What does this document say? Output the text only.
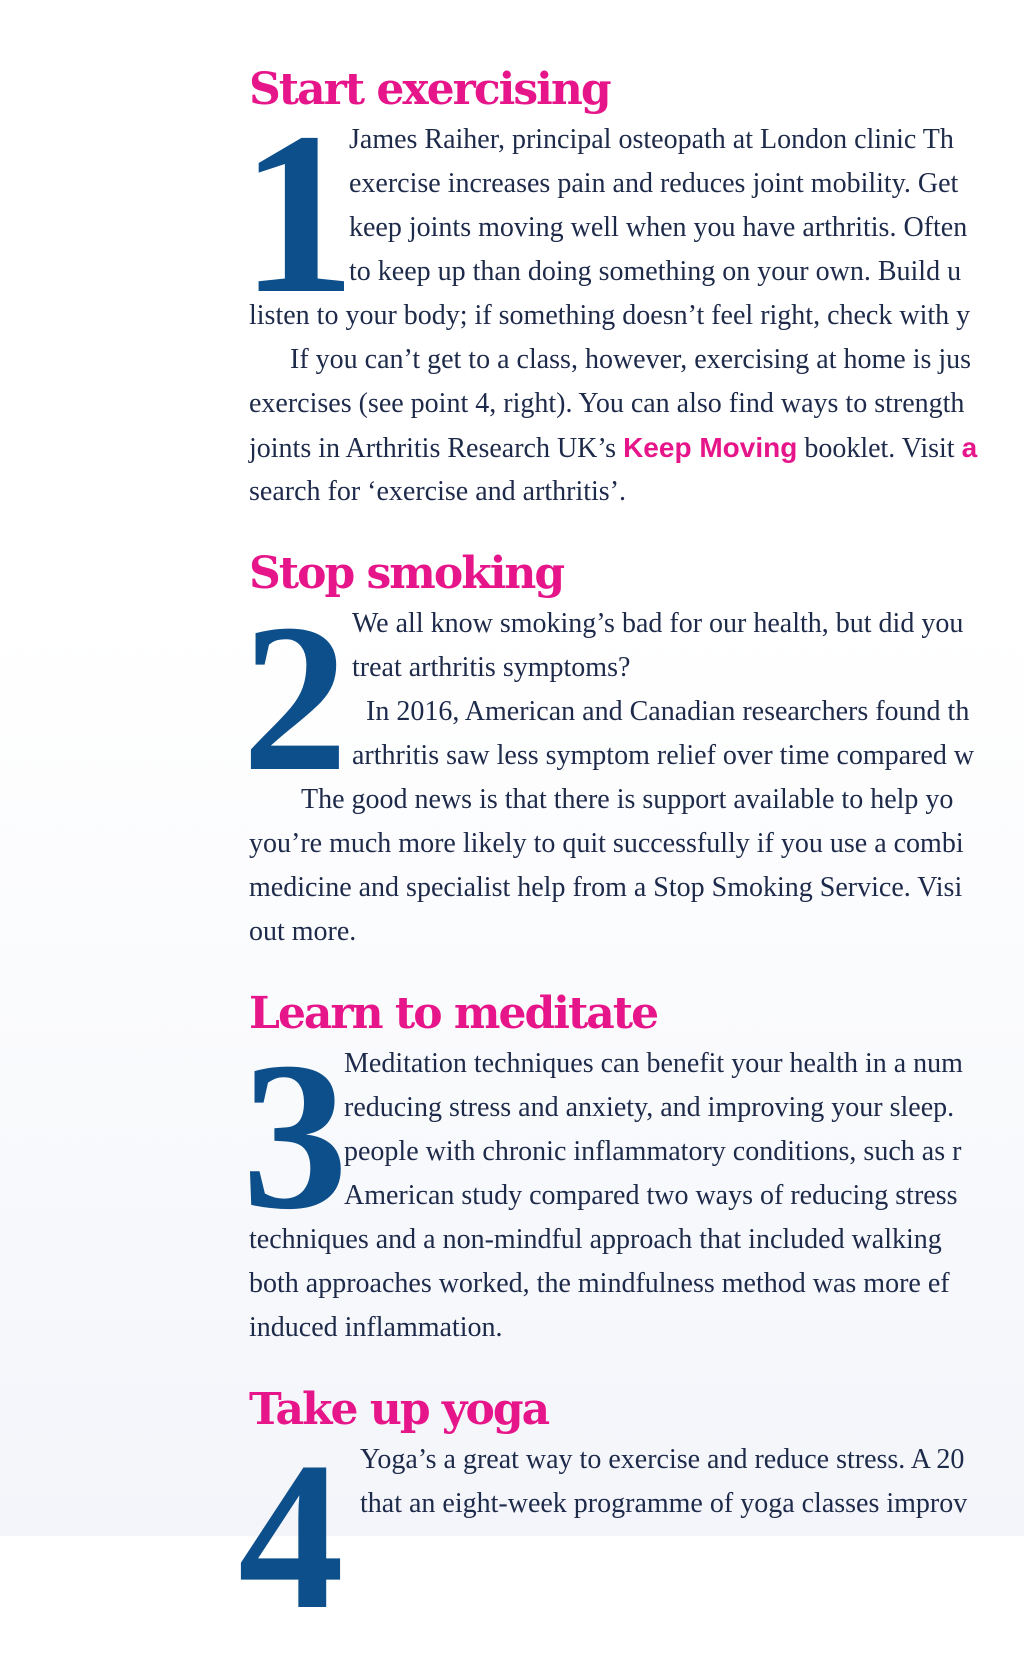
Start exercising
1

James Raiher, principal osteopath at London clinic Th

exercise increases pain and reduces joint mobility. Get

keep joints moving well when you have arthritis. Often

to keep up than doing something on your own. Build u

listen to your body; if something doesn’t feel right, check with y

If you can’t get to a class, however, exercising at home is jus

exercises (see point 4, right). You can also find ways to strength

joints in Arthritis Research UK’s Keep Moving booklet. Visit a

search for ‘exercise and arthritis’.

Stop smoking
2 We all know smoking’s bad for our health, but did you

treat arthritis symptoms?

In 2016, American and Canadian researchers found th

arthritis saw less symptom relief over time compared w

The good news is that there is support available to help yo

you’re much more likely to quit successfully if you use a combi

medicine and specialist help from a Stop Smoking Service. Visi

out more.

Learn to meditate
3

Meditation techniques can benefit your health in a num

reducing stress and anxiety, and improving your sleep.

people with chronic inflammatory conditions, such as r

American study compared two ways of reducing stress

techniques and a non-mindful approach that included walking

both approaches worked, the mindfulness method was more ef

induced inflammation.

Take up yoga
4 Yoga’s a great way to exercise and reduce stress. A 20

that an eight-week programme of yoga classes improv
